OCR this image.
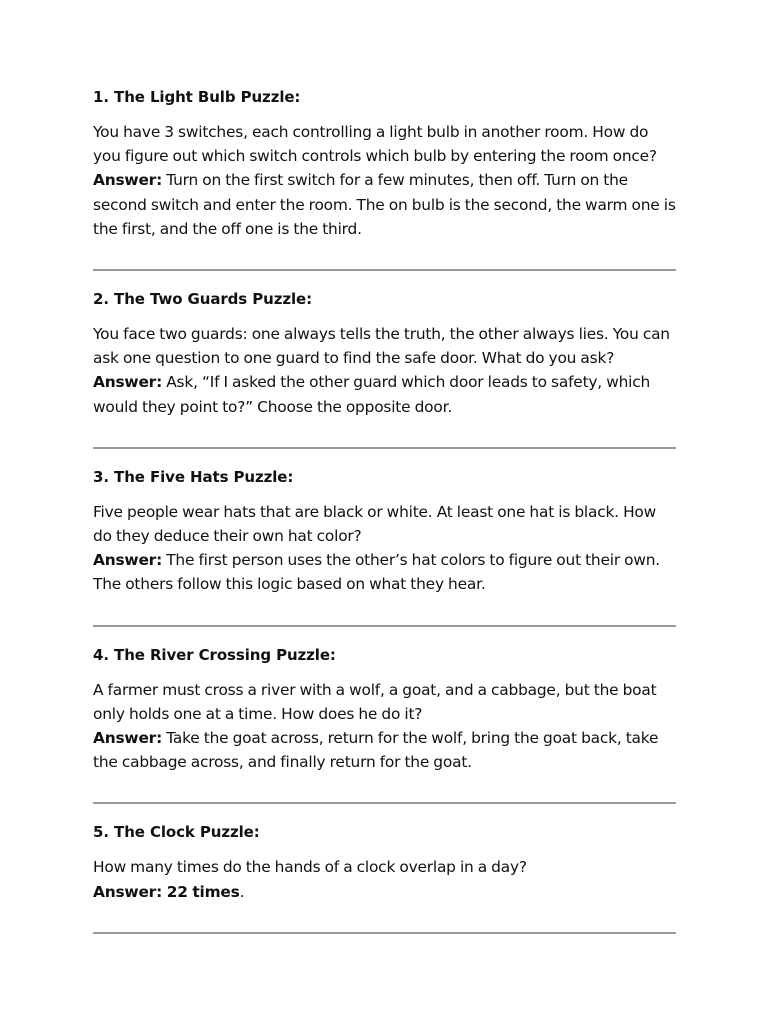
1. The Light Bulb Puzzle:

You have 3 switches, each controlling a light bulb in another room. How do you figure out which switch controls which bulb by entering the room once?
Answer: Turn on the first switch for a few minutes, then off. Turn on the second switch and enter the room. The on bulb is the second, the warm one is the first, and the off one is the third.

2. The Two Guards Puzzle:

You face two guards: one always tells the truth, the other always lies. You can ask one question to one guard to find the safe door. What do you ask?
Answer: Ask, “If I asked the other guard which door leads to safety, which would they point to?” Choose the opposite door.

3. The Five Hats Puzzle:

Five people wear hats that are black or white. At least one hat is black. How do they deduce their own hat color?
Answer: The first person uses the other’s hat colors to figure out their own. The others follow this logic based on what they hear.

4. The River Crossing Puzzle:

A farmer must cross a river with a wolf, a goat, and a cabbage, but the boat only holds one at a time. How does he do it?
Answer: Take the goat across, return for the wolf, bring the goat back, take the cabbage across, and finally return for the goat.

5. The Clock Puzzle:

How many times do the hands of a clock overlap in a day?
Answer: 22 times.
